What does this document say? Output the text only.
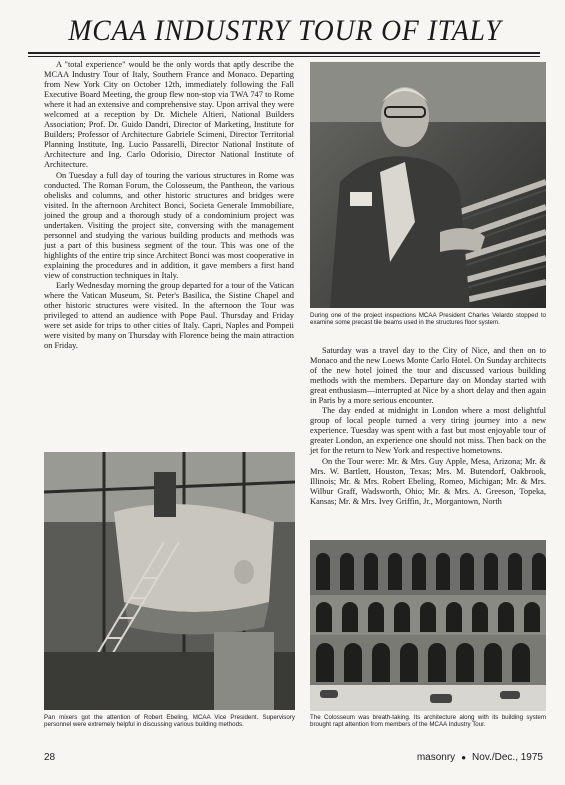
MCAA INDUSTRY TOUR OF ITALY

A "total experience" would be the only words that aptly describe the MCAA Industry Tour of Italy, Southern France and Monaco. Departing from New York City on October 12th, immediately following the Fall Executive Board Meeting, the group flew non-stop via TWA 747 to Rome where it had an extensive and comprehensive stay. Upon arrival they were welcomed at a reception by Dr. Michele Altieri, National Builders Association; Prof. Dr. Guido Dandri, Director of Marketing, Institute for Builders; Professor of Architecture Gabriele Scimeni, Director Territorial Planning Institute, Ing. Lucio Passarelli, Director National Institute of Architecture and Ing. Carlo Odorisio, Director National Institute of Architecture.

On Tuesday a full day of touring the various structures in Rome was conducted. The Roman Forum, the Colosseum, the Pantheon, the various obelisks and columns, and other historic structures and bridges were visited. In the afternoon Architect Bonci, Societa Generale Immobiliare, joined the group and a thorough study of a condominium project was undertaken. Visiting the project site, conversing with the management personnel and studying the various building products and methods was just a part of this business segment of the tour. This was one of the highlights of the entire trip since Architect Bonci was most cooperative in explaining the procedures and in addition, it gave members a first hand view of construction techniques in Italy.

Early Wednesday morning the group departed for a tour of the Vatican where the Vatican Museum, St. Peter's Basilica, the Sistine Chapel and other historic structures were visited. In the afternoon the Tour was privileged to attend an audience with Pope Paul. Thursday and Friday were set aside for trips to other cities of Italy. Capri, Naples and Pompeii were visited by many on Thursday with Florence being the main attraction on Friday.

During one of the project inspections MCAA President Charles Velardo stopped to examine some precast tile beams used in the structures floor system.
Pan mixers got the attention of Robert Ebeling, MCAA Vice President. Supervisory personnel were extremely helpful in discussing various building methods.

Saturday was a travel day to the City of Nice, and then on to Monaco and the new Loews Monte Carlo Hotel. On Sunday architects of the new hotel joined the tour and discussed various building methods with the members. Departure day on Monday started with great enthusiasm—interrupted at Nice by a short delay and then again in Paris by a more serious encounter.

The day ended at midnight in London where a most delightful group of local people turned a very tiring journey into a new experience. Tuesday was spent with a fast but most enjoyable tour of greater London, an experience one should not miss. Then back on the jet for the return to New York and respective hometowns.

On the Tour were: Mr. & Mrs. Guy Apple, Mesa, Arizona; Mr. & Mrs. W. Bartlett, Houston, Texas; Mrs. M. Butendorf, Oakbrook, Illinois; Mr. & Mrs. Robert Ebeling, Romeo, Michigan; Mr. & Mrs. Wilbur Graff, Wadsworth, Ohio; Mr. & Mrs. A. Greeson, Topeka, Kansas; Mr. & Mrs. Ivey Griffin, Jr., Morgantown, North

The Colosseum was breath-taking. Its architecture along with its building system brought rapt attention from members of the MCAA Industry Tour.
28	masonry ● Nov./Dec., 1975
